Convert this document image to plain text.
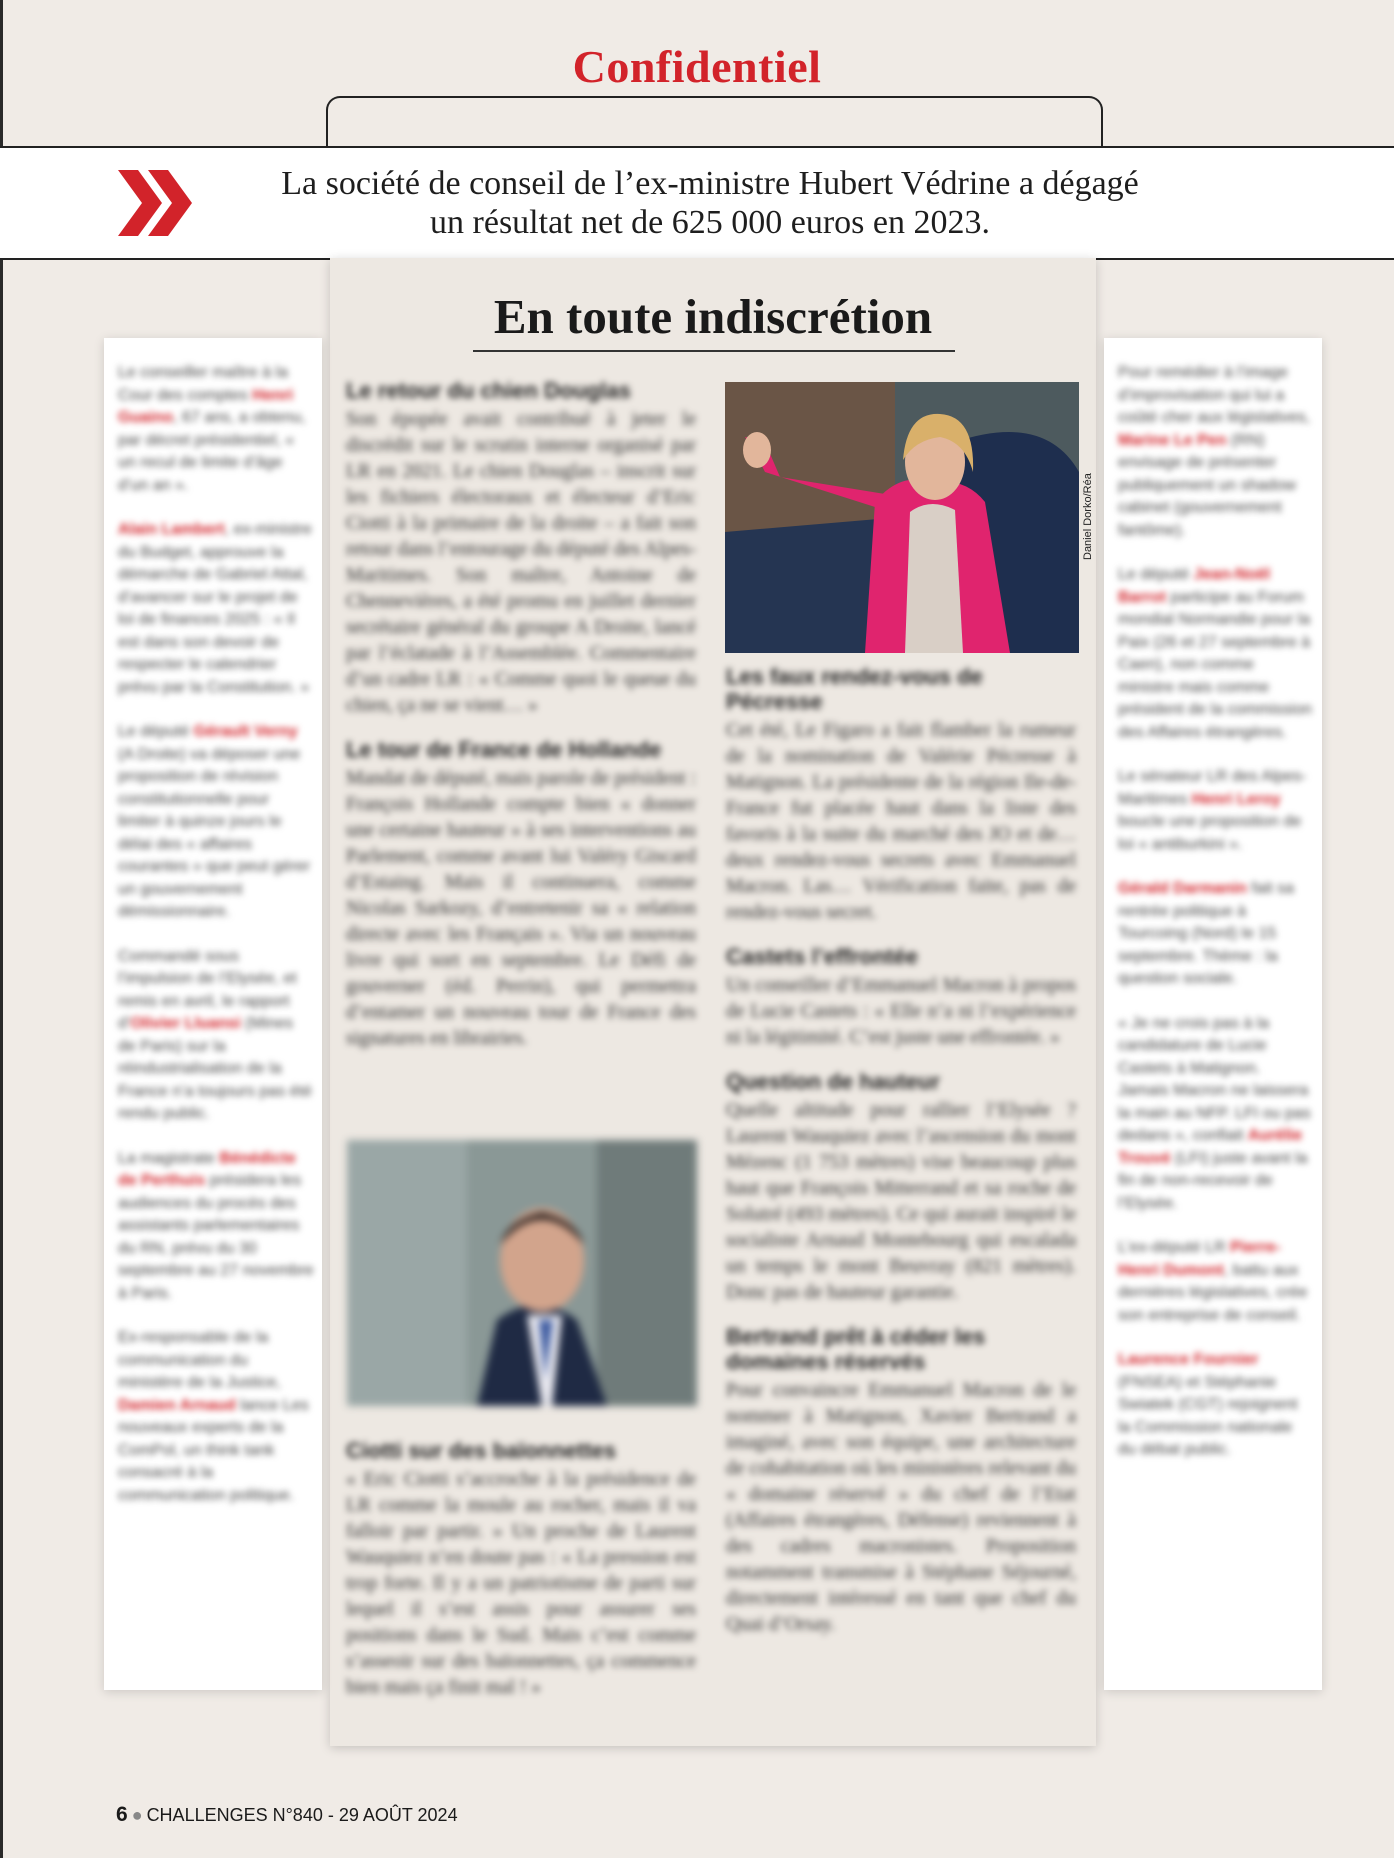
Confidentiel
La société de conseil de l’ex-ministre Hubert Védrine a dégagé
un résultat net de 625 000 euros en 2023.
En toute indiscrétion

Le conseiller maître à la Cour des comptes Henri Guaino, 67 ans, a obtenu, par décret présidentiel, « un recul de limite d’âge d’un an ».

Alain Lambert, ex-ministre du Budget, approuve la démarche de Gabriel Attal, d’avancer sur le projet de loi de finances 2025 : « Il est dans son devoir de respecter le calendrier prévu par la Constitution. »

Le député Gérault Verny (A Droite) va déposer une proposition de révision constitutionnelle pour limiter à quinze jours le délai des « affaires courantes » que peut gérer un gouvernement démissionnaire.

Commandé sous l’impulsion de l’Elysée, et remis en avril, le rapport d’Olivier Lluansi (Mines de Paris) sur la réindustrialisation de la France n’a toujours pas été rendu public.

La magistrate Bénédicte de Perthuis présidera les audiences du procès des assistants parlementaires du RN, prévu du 30 septembre au 27 novembre à Paris.

Ex-responsable de la communication du ministère de la Justice, Damien Arnaud lance Les nouveaux experts de la ComPol, un think tank consacré à la communication politique.

Pour remédier à l’image d’improvisation qui lui a coûté cher aux législatives, Marine Le Pen (RN) envisage de présenter publiquement un shadow cabinet (gouvernement fantôme).

Le député Jean-Noël Barrot participe au Forum mondial Normandie pour la Paix (26 et 27 septembre à Caen), non comme ministre mais comme président de la commission des Affaires étrangères.

Le sénateur LR des Alpes-Maritimes Henri Leroy boucle une proposition de loi « antiburkini ».

Gérald Darmanin fait sa rentrée politique à Tourcoing (Nord) le 15 septembre. Thème : la question sociale.

« Je ne crois pas à la candidature de Lucie Castets à Matignon. Jamais Macron ne laissera la main au NFP. LFI ou pas dedans », confiait Aurélie Trouvé (LFI) juste avant la fin de non-recevoir de l’Elysée.

L’ex-député LR Pierre-Henri Dumont, battu aux dernières législatives, crée son entreprise de conseil.

Laurence Fournier (FNSEA) et Stéphanie Swiatek (CGT) rejoignent la Commission nationale du débat public.

Le retour du chien Douglas

Son épopée avait contribué à jeter le discrédit sur le scrutin interne organisé par LR en 2021. Le chien Douglas – inscrit sur les fichiers électoraux et électeur d’Eric Ciotti à la primaire de la droite – a fait son retour dans l’entourage du député des Alpes-Maritimes. Son maître, Antoine de Chennevières, a été promu en juillet dernier secrétaire général du groupe A Droite, lancé par l’éclatade à l’Assemblée. Commentaire d’un cadre LR : « Comme quoi le queue du chien, ça ne se vient… »

Le tour de France de Hollande

Mandat de député, mais parole de président : François Hollande compte bien « donner une certaine hauteur » à ses interventions au Parlement, comme avant lui Valéry Giscard d’Estaing. Mais il continuera, comme Nicolas Sarkozy, d’entretenir sa « relation directe avec les Français ». Via un nouveau livre qui sort en septembre. Le Défi de gouverner (éd. Perrin), qui permettra d’entamer un nouveau tour de France des signatures en librairies.

Ciotti sur des baïonnettes

« Eric Ciotti s’accroche à la présidence de LR comme la moule au rocher, mais il va falloir par partir. » Un proche de Laurent Wauquiez n’en doute pas : « La pression est trop forte. Il y a un patriotisme de parti sur lequel il s’est assis pour assurer ses positions dans le Sud. Mais c’est comme s’asseoir sur des baïonnettes, ça commence bien mais ça finit mal ! »

Daniel Dorko/Réa
Les faux rendez-vous de Pécresse

Cet été, Le Figaro a fait flamber la rumeur de la nomination de Valérie Pécresse à Matignon. La présidente de la région Ile-de-France fut placée haut dans la liste des favoris à la suite du marché des JO et de… deux rendez-vous secrets avec Emmanuel Macron. Las… Vérification faite, pas de rendez-vous secret.

Castets l’effrontée

Un conseiller d’Emmanuel Macron à propos de Lucie Castets : « Elle n’a ni l’expérience ni la légitimité. C’est juste une effrontée. »

Question de hauteur

Quelle altitude pour rallier l’Elysée ? Laurent Wauquiez avec l’ascension du mont Mézenc (1 753 mètres) vise beaucoup plus haut que François Mitterrand et sa roche de Solutré (493 mètres). Ce qui aurait inspiré le socialiste Arnaud Montebourg qui escalada un temps le mont Beuvray (821 mètres). Donc pas de hauteur garantie.

Bertrand prêt à céder les domaines réservés

Pour convaincre Emmanuel Macron de le nommer à Matignon, Xavier Bertrand a imaginé, avec son équipe, une architecture de cohabitation où les ministères relevant du « domaine réservé » du chef de l’Etat (Affaires étrangères, Défense) reviennent à des cadres macronistes. Proposition notamment transmise à Stéphane Séjourné, directement intéressé en tant que chef du Quai d’Orsay.

6 ● CHALLENGES N°840 - 29 AOÛT 2024
